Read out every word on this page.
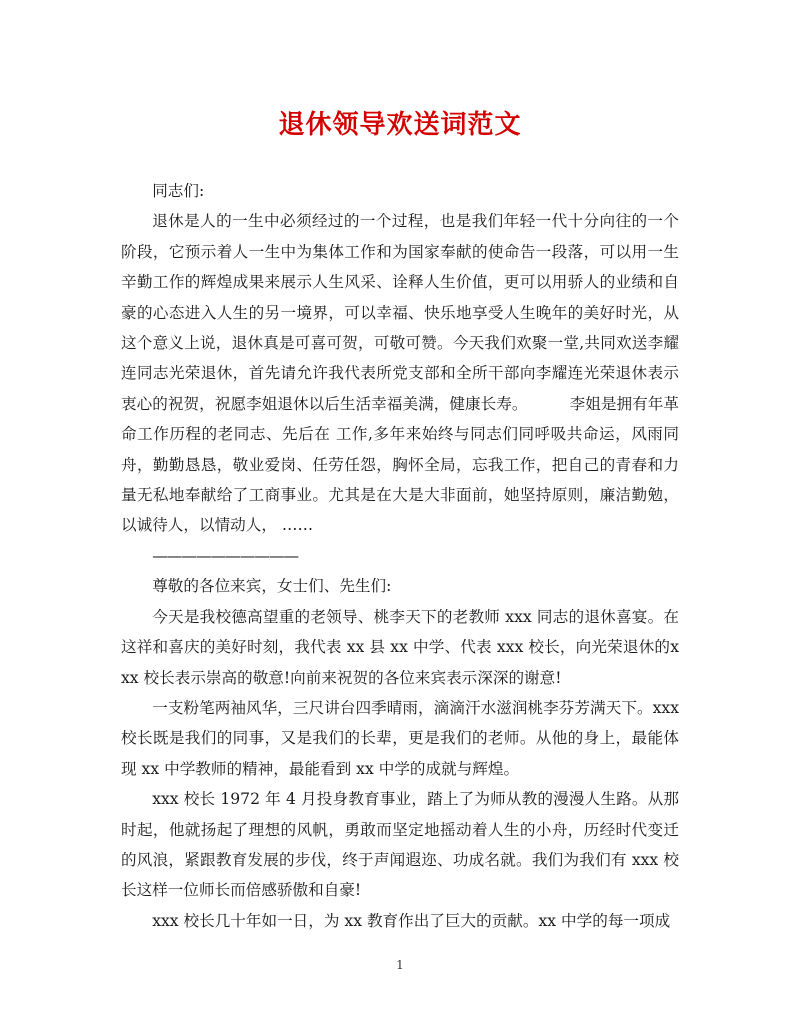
退休领导欢送词范文

同志们:

退休是人的一生中必须经过的一个过程，也是我们年轻一代十分向往的一个阶段，它预示着人一生中为集体工作和为国家奉献的使命告一段落，可以用一生辛勤工作的辉煌成果来展示人生风采、诠释人生价值，更可以用骄人的业绩和自豪的心态进入人生的另一境界，可以幸福、快乐地享受人生晚年的美好时光，从这个意义上说，退休真是可喜可贺，可敬可赞。今天我们欢聚一堂,共同欢送李耀连同志光荣退休，首先请允许我代表所党支部和全所干部向李耀连光荣退休表示衷心的祝贺，祝愿李姐退休以后生活幸福美满，健康长寿。	李姐是拥有年革命工作历程的老同志、先后在 工作,多年来始终与同志们同呼吸共命运，风雨同舟，勤勤恳恳，敬业爱岗、任劳任怨，胸怀全局，忘我工作，把自己的青春和力量无私地奉献给了工商事业。尤其是在大是大非面前，她坚持原则，廉洁勤勉，以诚待人，以情动人， ……

——————————

尊敬的各位来宾，女士们、先生们:

今天是我校德高望重的老领导、桃李天下的老教师 xxx 同志的退休喜宴。在这祥和喜庆的美好时刻，我代表 xx 县 xx 中学、代表 xxx 校长，向光荣退休的xxx 校长表示崇高的敬意!向前来祝贺的各位来宾表示深深的谢意!

一支粉笔两袖风华，三尺讲台四季晴雨，滴滴汗水滋润桃李芬芳满天下。xxx 校长既是我们的同事，又是我们的长辈，更是我们的老师。从他的身上，最能体现 xx 中学教师的精神，最能看到 xx 中学的成就与辉煌。

xxx 校长 1972 年 4 月投身教育事业，踏上了为师从教的漫漫人生路。从那时起，他就扬起了理想的风帆，勇敢而坚定地摇动着人生的小舟，历经时代变迁的风浪，紧跟教育发展的步伐，终于声闻遐迩、功成名就。我们为我们有 xxx 校长这样一位师长而倍感骄傲和自豪!

xxx 校长几十年如一日，为 xx 教育作出了巨大的贡献。xx 中学的每一项成

1
